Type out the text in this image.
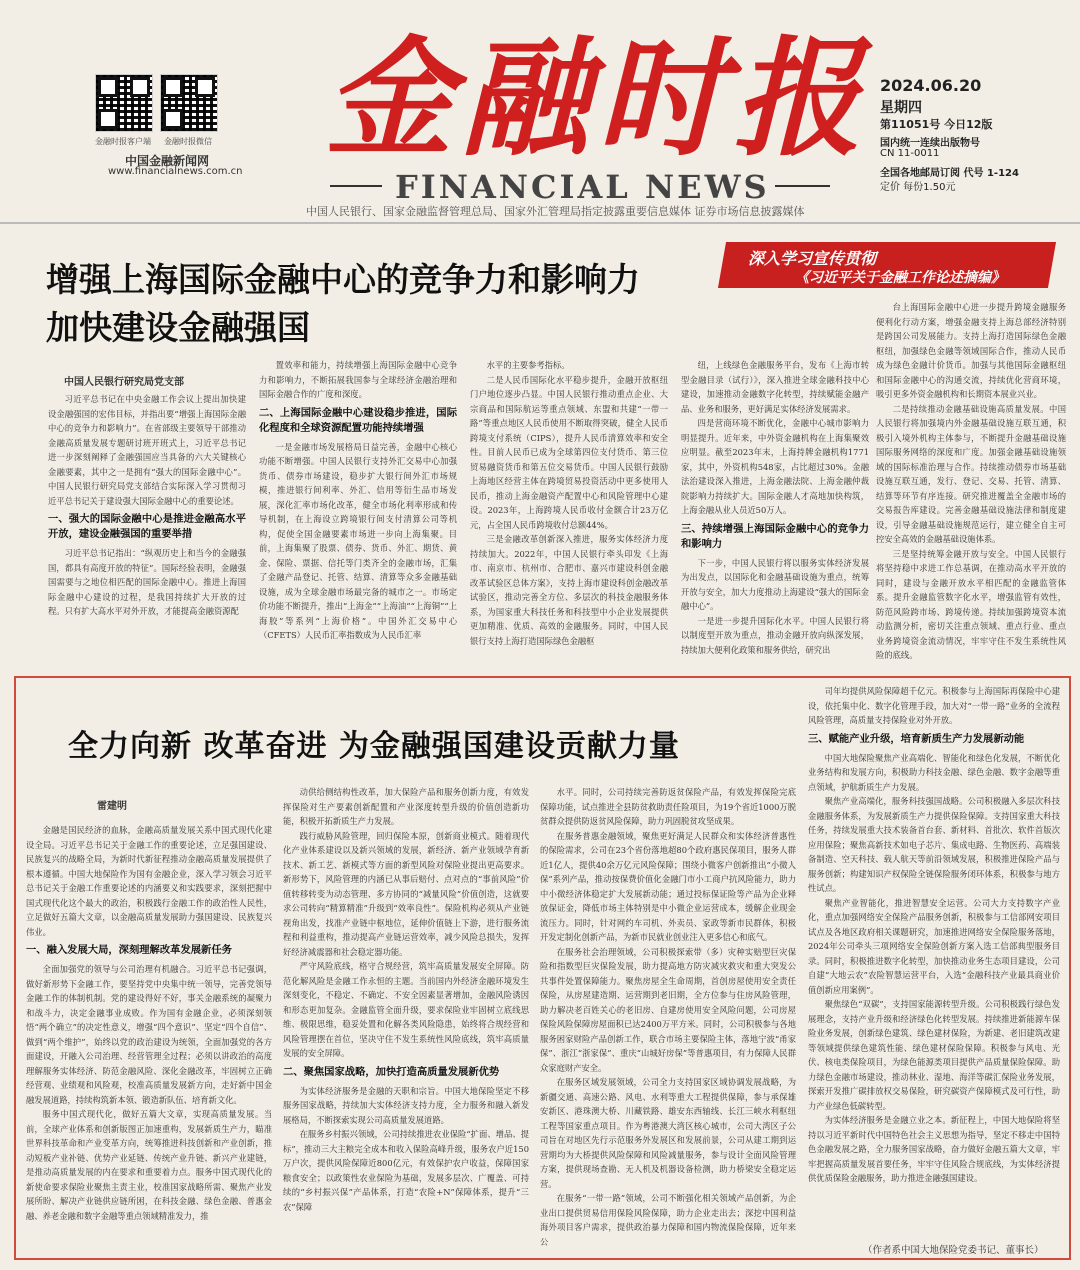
金融时报客户端	金融时报微信
中国金融新闻网
www.financialnews.com.cn 金融时报
FINANCIAL NEWS
2024.06.20
星期四
第11051号 今日12版
国内统一连续出版物号
CN 11-0011
全国各地邮局订阅 代号 1-124
定价 每份1.50元
中国人民银行、国家金融监督管理总局、国家外汇管理局指定披露重要信息媒体 证券市场信息披露媒体
增强上海国际金融中心的竞争力和影响力
加快建设金融强国
深入学习宣传贯彻
《习近平关于金融工作论述摘编》
中国人民银行研究局党支部

习近平总书记在中央金融工作会议上提出加快建设金融强国的宏伟目标，并指出要“增强上海国际金融中心的竞争力和影响力”。在省部级主要领导干部推动金融高质量发展专题研讨班开班式上，习近平总书记进一步深刻阐释了金融强国应当具备的六大关键核心金融要素，其中之一是拥有“强大的国际金融中心”。中国人民银行研究局党支部结合实际深入学习贯彻习近平总书记关于建设强大国际金融中心的重要论述。

一、强大的国际金融中心是推进金融高水平开放，建设金融强国的重要举措

习近平总书记指出：“纵观历史上和当今的金融强国，都具有高度开放的特征”。国际经验表明，金融强国需要与之地位相匹配的国际金融中心。推进上海国际金融中心建设的过程，是我国持续扩大开放的过程。只有扩大高水平对外开放，才能提高金融资源配

置效率和能力，持续增强上海国际金融中心竞争力和影响力，不断拓展我国参与全球经济金融治理和国际金融合作的广度和深度。

二、上海国际金融中心建设稳步推进，国际化程度和全球资源配置功能持续增强

一是金融市场发展格局日益完善，金融中心核心功能不断增强。中国人民银行支持外汇交易中心加强货币、债券市场建设，稳步扩大银行间外汇市场规模，推进银行间利率、外汇、信用等衍生品市场发展，深化汇率市场化改革，健全市场化利率形成和传导机制，在上海设立跨境银行间支付清算公司等机构，促使全国金融要素市场进一步向上海集聚。目前，上海集聚了股票、债券、货币、外汇、期货、黄金、保险、票据、信托等门类齐全的金融市场，汇集了金融产品登记、托管、结算、清算等众多金融基础设施，成为全球金融市场最完备的城市之一。市场定价功能不断提升，推出“上海金”“上海油”“上海铜”“上海胶”等系列“上海价格”。中国外汇交易中心（CFETS）人民币汇率指数成为人民币汇率

水平的主要参考指标。

二是人民币国际化水平稳步提升，金融开放枢纽门户地位逐步凸显。中国人民银行推动重点企业、大宗商品和国际航运等重点领域、东盟和共建“一带一路”等重点地区人民币使用不断取得突破，健全人民币跨境支付系统（CIPS），提升人民币清算效率和安全性。目前人民币已成为全球第四位支付货币、第三位贸易融资货币和第五位交易货币。中国人民银行鼓励上海地区经营主体在跨境贸易投资活动中更多使用人民币，推动上海金融资产配置中心和风险管理中心建设。2023年，上海跨境人民币收付金额合计23万亿元，占全国人民币跨境收付总额44%。

三是金融改革创新深入推进，服务实体经济力度持续加大。2022年，中国人民银行牵头印发《上海市、南京市、杭州市、合肥市、嘉兴市建设科创金融改革试验区总体方案》，支持上海市建设科创金融改革试验区，推动完善全方位、多层次的科技金融服务体系，为国家重大科技任务和科技型中小企业发展提供更加精准、优质、高效的金融服务。同时，中国人民银行支持上海打造国际绿色金融枢

纽，上线绿色金融服务平台，发布《上海市转型金融目录（试行）》，深入推进全球金融科技中心建设，加速推动金融数字化转型，持续赋能金融产品、业务和服务，更好满足实体经济发展需求。

四是营商环境不断优化，金融中心城市影响力明显提升。近年来，中外资金融机构在上海集聚效应明显。截至2023年末，上海持牌金融机构1771家，其中，外资机构548家，占比超过30%。金融法治建设深入推进，上海金融法院、上海金融仲裁院影响力持续扩大。国际金融人才高地加快构筑，上海金融从业人员近50万人。

三、持续增强上海国际金融中心的竞争力和影响力

下一步，中国人民银行将以服务实体经济发展为出发点，以国际化和金融基础设施为重点，统筹开放与安全，加大力度推动上海建设“强大的国际金融中心”。

一是进一步提升国际化水平。中国人民银行将以制度型开放为重点，推动金融开放向纵深发展，持续加大便利化政策和服务供给，研究出

台上海国际金融中心进一步提升跨境金融服务便利化行动方案，增强金融支持上海总部经济特别是跨国公司发展能力。支持上海打造国际绿色金融枢纽，加强绿色金融等领域国际合作，推动人民币成为绿色金融计价货币。加强与其他国际金融枢纽和国际金融中心的沟通交流，持续优化营商环境，吸引更多外资金融机构和长期资本展业兴业。

二是持续推动金融基础设施高质量发展。中国人民银行将加强境内外金融基础设施互联互通，积极引入境外机构主体参与，不断提升金融基础设施国际服务网络的深度和广度。加强金融基础设施领域的国际标准治理与合作。持续推动债券市场基础设施互联互通，发行、登记、交易、托管、清算、结算等环节有序连接。研究推进覆盖全金融市场的交易报告库建设。完善金融基础设施法律和制度建设，引导金融基础设施规范运行，建立健全自主可控安全高效的金融基础设施体系。

三是坚持统筹金融开放与安全。中国人民银行将坚持稳中求进工作总基调，在推动高水平开放的同时，建设与金融开放水平相匹配的金融监管体系。提升金融监管数字化水平，增强监管有效性，防范风险跨市场、跨境传递。持续加强跨境资本流动监测分析，密切关注重点领域、重点行业、重点业务跨境资金流动情况，牢牢守住不发生系统性风险的底线。

全力向新 改革奋进 为金融强国建设贡献力量
雷建明

金融是国民经济的血脉，金融高质量发展关系中国式现代化建设全局。习近平总书记关于金融工作的重要论述，立足强国建设、民族复兴的战略全局，为新时代新征程推动金融高质量发展提供了根本遵循。中国大地保险作为国有金融企业，深入学习领会习近平总书记关于金融工作重要论述的内涵要义和实践要求，深刻把握中国式现代化这个最大的政治，积极践行金融工作的政治性人民性，立足做好五篇大文章，以金融高质量发展助力强国建设、民族复兴伟业。

一、融入发展大局，深刻理解改革发展新任务

全面加强党的领导与公司治理有机融合。习近平总书记强调，做好新形势下金融工作，要坚持党中央集中统一领导，完善党领导金融工作的体制机制。党的建设得好不好，事关金融系统的凝聚力和战斗力，决定金融事业成败。作为国有金融企业，必须深刻领悟“两个确立”的决定性意义，增强“四个意识”、坚定“四个自信”、做到“两个维护”，始终以党的政治建设为统领，全面加强党的各方面建设，开融入公司治理、经营管理全过程；必须以讲政治的高度理解服务实体经济、防范金融风险、深化金融改革，牢固树立正确经营观、业绩观和风险观，校准高质量发展新方向，走好新中国金融发展道路，持续构筑新本领、锻造新队伍、培育新文化。

服务中国式现代化，做好五篇大文章，实现高质量发展。当前，全球产业体系和创新版图正加速重构，发展新质生产力，瞄准世界科技革命和产业变革方向，统筹推进科技创新和产业创新，推动短板产业补链、优势产业延链、传统产业升链、新兴产业建链，是推动高质量发展的内在要求和重要着力点。服务中国式现代化的新使命要求保险业聚焦主责主业，校准国家战略所需、聚焦产业发展所盼、解决产业链供应链所困，在科技金融、绿色金融、普惠金融、养老金融和数字金融等重点领域精准发力，推

动供给侧结构性改革，加大保险产品和服务创新力度，有效发挥保险对生产要素创新配置和产业深度转型升级的价值创造新功能，积极开拓新质生产力发展。

践行威胁风险管理，回归保险本原，创新商业模式。随着现代化产业体系建设以及新兴领域的发展，新经济、新产业领域孕育新技术、新工艺、新模式等方面的新型风险对保险业提出更高要求。新形势下，风险管理的内涵已从事后赔付、点对点的“事前风险”价值转移转变为动态管理、多方协同的“减量风险”价值创造，这就要求公司转向“精算精准”升级到“效率良性”。保险机构必须从产业链视角出发，找准产业链中枢地位，延伸价值链上下游，进行服务流程和利益重构，推动提高产业链运营效率，减少风险总损失，发挥好经济减震器和社会稳定器功能。

严守风险底线，格守合规经营，筑牢高质量发展安全屏障。防范化解风险是金融工作永恒的主题。当前国内外经济金融环境发生深刻变化，不稳定、不确定、不安全因素显著增加，金融风险诱因和形态更加复杂。金融监管全面升级，要求保险业牢固树立底线思维、极限思维，稳妥处置和化解各类风险隐患，始终将合规经营和风险管理摆在首位，坚决守住不发生系统性风险底线，筑牢高质量发展的安全屏障。

二、聚焦国家战略，加快打造高质量发展新优势

为实体经济服务是金融的天职和宗旨。中国大地保险坚定不移服务国家战略，持续加大实体经济支持力度，全力服务和融入新发展格局，不断探索实现公司高质量发展道路。

在服务乡村振兴领域，公司持续推进农业保险“扩面、增品、提标”，推动三大主粮完全成本和收入保险高峰升级，服务农户近150万户次，提供风险保障近800亿元，有效保护农户收益，保障国家粮食安全；以政策性农业保险为基础，发展多层次、广覆盖、可持续的“乡村振兴保”产品体系，打造“农险+N”保障体系，提升“三农”保障

水平。同时，公司持续完善防返贫保险产品，有效发挥保险完底保障功能，试点推进全县防贫救助责任险项目，为19个省近1000万脱贫群众提供防返贫风险保障，助力巩固脱贫攻坚成果。

在服务普惠金融领域，聚焦更好满足人民群众和实体经济普惠性的保险需求，公司在23个省份落地超80个政府惠民保项目，服务人群近1亿人，提供40余万亿元风险保障；围绕小微客户创新推出“小微人保”系列产品，推动按保费价值化金融门市小工商户抗风险能力，助力中小微经济体稳定扩大发展新动能；通过投标保证险等产品为企业释放保证金，降低市场主体特别是中小微企业运营成本，缓解企业现金流压力。同时，针对网约车司机、外卖员、家政等新市民群体，积极开发定制化创新产品，为新市民就业创业注入更多信心和底气。

在服务社会治理领域，公司积极探索带（多）灾种实赔型巨灾保险和指数型巨灾保险发展，助力提高地方防灾减灾救灾和重大突发公共事件处置保障能力。聚焦房屋全生命周期，首创房屋使用安全责任保险，从房屋建造期、运营期到老旧期，全方位参与住房风险管理，助力解决老百姓关心的老旧房、自建房使用安全风险问题，公司房屋保险风险保障房屋面积已达2400万平方米。同时，公司积极参与各地服务困家财险产品创新工作，联合市场主要保险主体，落地宁波“甬家保”、浙江“浙家保”、重庆“山城好房保”等普惠项目，有力保障人民群众家庭财产安全。

在服务区域发展领域，公司全力支持国家区域协调发展战略，为新疆交通、高速公路、风电、水利等重大工程提供保障，参与承保雄安新区、港珠澳大桥、川藏铁路、雄安东西轴线、长江三峡水利枢纽工程等国家重点项目。作为粤港澳大湾区核心城市，公司大湾区子公司旨在对地区先行示范服务外发展区和发展前景，公司从建工期到运营期均为大桥提供风险保障和风险减量服务，参与设计全面风险管理方案，提供现场查勘、无人机及机器设备检测，助力桥梁安全稳定运营。

在服务“一带一路”领域，公司不断强化相关领域产品创新，为企业出口提供贸易信用保险风险保障，助力企业走出去；深挖中国利益海外项目客户需求，提供政治暴力保障和国内物流保险保障，近年来公

司年均提供风险保障超千亿元。积极参与上海国际再保险中心建设，依托集中化、数字化管理手段，加大对“一带一路”业务的全流程风险管理，高质量支持保险业对外开放。

三、赋能产业升级，培育新质生产力发展新动能

中国大地保险聚焦产业高端化、智能化和绿色化发展，不断优化业务结构和发展方向，积极助力科技金融、绿色金融、数字金融等重点领域，护航新质生产力发展。

聚焦产业高端化，服务科技强国战略。公司积极融入多层次科技金融服务体系，为发展新质生产力提供保险保障。支持国家重大科技任务，持续发展重大技术装备首台套、新材料、首批次、软件首版次应用保险；聚焦高新技术如电子芯片、集成电路、生物医药、高端装备制造、空天科技、载人航天等前沿领域发展，积极推进保险产品与服务创新；构建知识产权保险全链保险服务闭环体系，积极参与地方性试点。

聚焦产业智能化，推进智慧安全运营。公司大力支持数字产业化，重点加强网络安全保险产品服务创新，积极参与工信部网安项目试点及各地区政府相关课题研究，加速推进网络安全保险服务落地，2024年公司牵头三项网络安全保险创新方案入选工信部典型服务目录。同时，积极推进数字化转型，加快推动业务生态项目建设，公司自建“大地云农”农险智慧运营平台，入选“金融科技产业最具商业价值创新应用案例”。

聚焦绿色“双碳”，支持国家能源转型升级。公司积极践行绿色发展理念，支持产业升级和经济绿色化转型发展。持续推进新能源车保险业务发展，创新绿色建筑、绿色建材保险，为新建、老旧建筑改建等领域提供绿色建筑性能、绿色建材保险保障。积极参与风电、光伏、核电类保险项目，为绿色能源类项目提供产品质量保险保障。助力绿色金融市场建设，推动林业、湿地、海洋等碳汇保险业务发展，探索开发推广碳排放权交易保险，研究碳资产保障模式及可行性，助力产业绿色低碳转型。

为实体经济服务是金融立业之本。新征程上，中国大地保险将坚持以习近平新时代中国特色社会主义思想为指导，坚定不移走中国特色金融发展之路，全力服务国家战略，奋力做好金融五篇大文章，牢牢把握高质量发展首要任务，牢牢守住风险合规底线，为实体经济提供优质保险金融服务，助力推进金融强国建设。

（作者系中国大地保险党委书记、董事长）
